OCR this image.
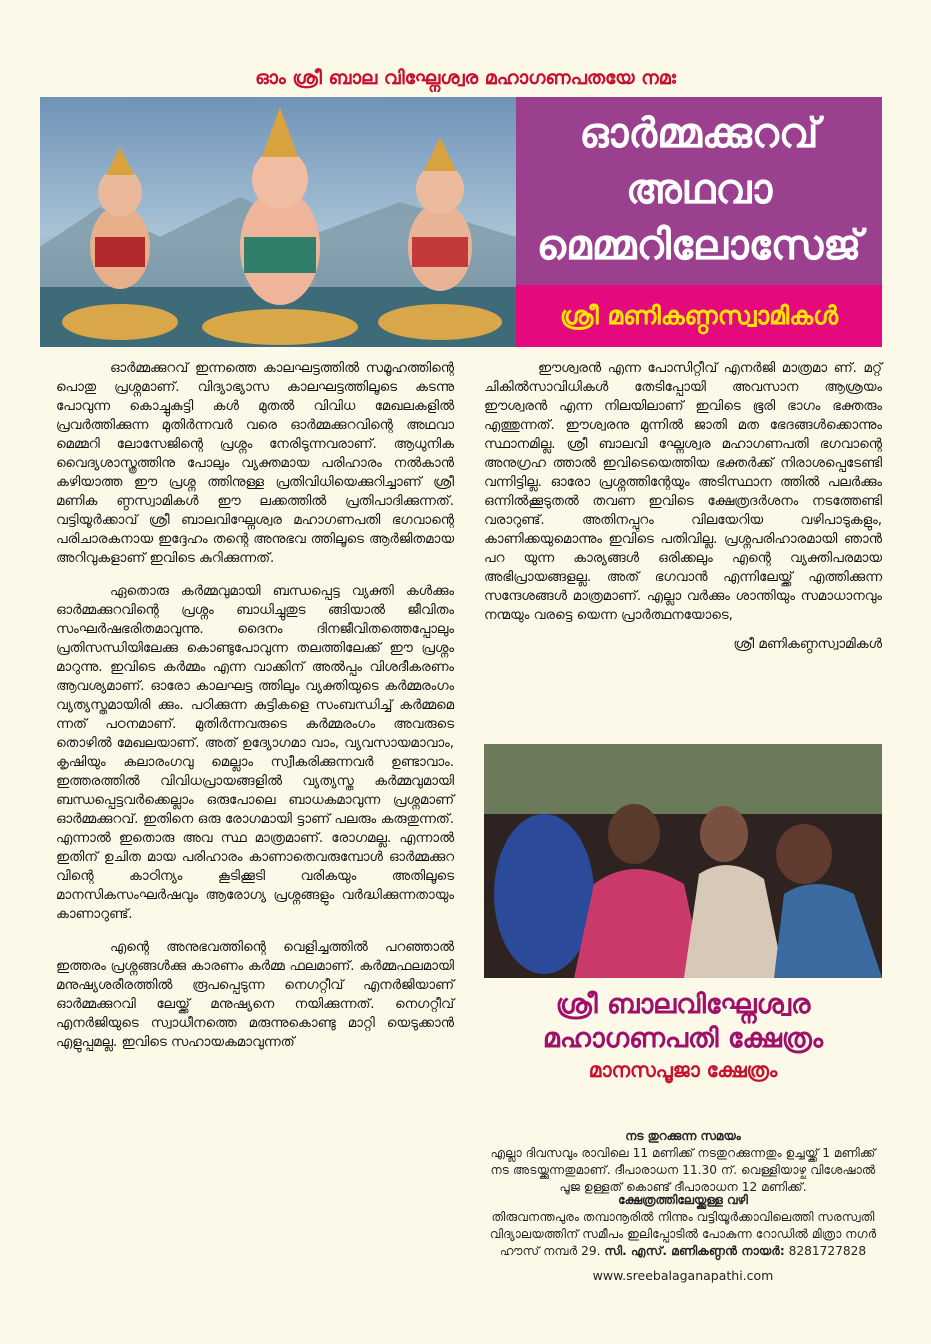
ഓം ശ്രീ ബാല വിഘ്നേശ്വര മഹാഗണപതയേ നമഃ
ഓർമ്മക്കുറവ്
അഥവാ
മെമ്മറിലോസേജ്
ശ്രീ മണികണ്ഠസ്വാമികൾ

ഓർമ്മക്കുറവ് ഇന്നത്തെ കാലഘട്ടത്തിൽ സമൂഹത്തിന്റെ പൊതു പ്രശ്നമാണ്. വിദ്യാഭ്യാസ കാലഘട്ടത്തിലൂടെ കടന്നു പോവുന്ന കൊച്ചുകുട്ടി കൾ മുതൽ വിവിധ മേഖലകളിൽ പ്രവർത്തിക്കുന്ന മുതിർന്നവർ വരെ ഓർമ്മക്കുറവിന്റെ അഥവാ മെമ്മറി ലോസേജിന്റെ പ്രശ്നം നേരിടുന്നവരാണ്. ആധുനിക വൈദ്യശാസ്ത്രത്തിനു പോലും വ്യക്തമായ പരിഹാരം നൽകാൻ കഴിയാത്ത ഈ പ്രശ്ന ത്തിനുള്ള പ്രതിവിധിയെക്കുറിച്ചാണ് ശ്രീ മണിക ണ്ഠസ്വാമികൾ ഈ ലക്കത്തിൽ പ്രതിപാദിക്കുന്നത്. വട്ടിയൂർക്കാവ് ശ്രീ ബാലവിഘ്നേശ്വര മഹാഗണപതി ഭഗവാന്റെ പരിചാരകനായ ഇദ്ദേഹം തന്റെ അനുഭവ ത്തിലൂടെ ആർജിതമായ അറിവുകളാണ് ഇവിടെ കുറിക്കുന്നത്.

ഏതൊരു കർമ്മവുമായി ബന്ധപ്പെട്ട വ്യക്തി കൾക്കും ഓർമ്മക്കുറവിന്റെ പ്രശ്നം ബാധിച്ചുതുട ങ്ങിയാൽ ജീവിതം സംഘർഷഭരിതമാവുന്നു. ദൈനം ദിനജീവിതത്തെപ്പോലും പ്രതിസന്ധിയിലേക്കു കൊണ്ടുപോവുന്ന തലത്തിലേക്ക് ഈ പ്രശ്നം മാറുന്നു. ഇവിടെ കർമ്മം എന്ന വാക്കിന് അൽപ്പം വിശദീകരണം ആവശ്യമാണ്. ഓരോ കാലഘട്ട ത്തിലും വ്യക്തിയുടെ കർമ്മരംഗം വ്യത്യസ്തമായിരി ക്കും. പഠിക്കുന്ന കുട്ടികളെ സംബന്ധിച്ച് കർമ്മമെ ന്നത് പഠനമാണ്. മുതിർന്നവരുടെ കർമ്മരംഗം അവരുടെ തൊഴിൽ മേഖലയാണ്. അത് ഉദ്യോഗമാ വാം, വ്യവസായമാവാം, കൃഷിയും കലാരംഗവു മെല്ലാം സ്വീകരിക്കുന്നവർ ഉണ്ടാവാം. ഇത്തരത്തിൽ വിവിധപ്രായങ്ങളിൽ വ്യത്യസ്ത കർമ്മവുമായി ബന്ധപ്പെട്ടവർക്കെല്ലാം ഒരുപോലെ ബാധകമാവുന്ന പ്രശ്നമാണ് ഓർമ്മക്കുറവ്. ഇതിനെ ഒരു രോഗമായി ട്ടാണ് പലരും കരുതുന്നത്. എന്നാൽ ഇതൊരു അവ സ്ഥ മാത്രമാണ്. രോഗമല്ല. എന്നാൽ ഇതിന് ഉചിത മായ പരിഹാരം കാണാതെവരുമ്പോൾ ഓർമ്മക്കുറ വിന്റെ കാഠിന്യം കൂടിക്കൂടി വരികയും അതിലൂടെ മാനസികസംഘർഷവും ആരോഗ്യ പ്രശ്നങ്ങളും വർദ്ധിക്കുന്നതായും കാണാറുണ്ട്.

എന്റെ അനുഭവത്തിന്റെ വെളിച്ചത്തിൽ പറഞ്ഞാൽ ഇത്തരം പ്രശ്നങ്ങൾക്കു കാരണം കർമ്മ ഫലമാണ്. കർമ്മഫലമായി മനുഷ്യശരീരത്തിൽ രൂപപ്പെടുന്ന നെഗറ്റീവ് എനർജിയാണ് ഓർമ്മക്കുറവി ലേയ്ക്ക് മനുഷ്യനെ നയിക്കുന്നത്. നെഗറ്റീവ് എനർജിയുടെ സ്വാധീനത്തെ മരുന്നുകൊണ്ടു മാറ്റി യെടുക്കാൻ എളുപ്പമല്ല. ഇവിടെ സഹായകമാവുന്നത്

ഈശ്വരൻ എന്ന പോസിറ്റീവ് എനർജി മാത്രമാ ണ്. മറ്റ് ചികിൽസാവിധികൾ തേടിപ്പോയി അവസാന ആശ്രയം ഈശ്വരൻ എന്ന നിലയിലാണ് ഇവിടെ ഭൂരി ഭാഗം ഭക്തരും എത്തുന്നത്. ഈശ്വരനു മുന്നിൽ ജാതി മത ഭേദങ്ങൾക്കൊന്നും സ്ഥാനമില്ല. ശ്രീ ബാലവി ഘ്നേശ്വര മഹാഗണപതി ഭഗവാന്റെ അനുഗ്രഹ ത്താൽ ഇവിടെയെത്തിയ ഭക്തർക്ക് നിരാശപ്പെടേണ്ടി വന്നിട്ടില്ല. ഓരോ പ്രശ്നത്തിന്റേയും അടിസ്ഥാന ത്തിൽ പലർക്കും ഒന്നിൽക്കൂടുതൽ തവണ ഇവിടെ ക്ഷേത്രദർശനം നടത്തേണ്ടി വരാറുണ്ട്. അതിനപ്പുറം വിലയേറിയ വഴിപാടുകളും, കാണിക്കയുമൊന്നും ഇവിടെ പതിവില്ല. പ്രശ്നപരിഹാരമായി ഞാൻ പറ യുന്ന കാര്യങ്ങൾ ഒരിക്കലും എന്റെ വ്യക്തിപരമായ അഭിപ്രായങ്ങളല്ല. അത് ഭഗവാൻ എന്നിലേയ്ക്ക് എത്തിക്കുന്ന സന്ദേശങ്ങൾ മാത്രമാണ്. എല്ലാ വർക്കും ശാന്തിയും സമാധാനവും നന്മയും വരട്ടെ യെന്ന പ്രാർത്ഥനയോടെ,

ശ്രീ മണികണ്ഠസ്വാമികൾ
ശ്രീ ബാലവിഘ്നേശ്വര
മഹാഗണപതി ക്ഷേത്രം
മാനസപൂജാ ക്ഷേത്രം
നട തുറക്കുന്ന സമയം
എല്ലാ ദിവസവും രാവിലെ 11 മണിക്ക് നടതുറക്കുന്നതും ഉച്ചയ്ക്ക് 1 മണിക്ക് നട അടയ്ക്കുന്നതുമാണ്. ദീപാരാധന 11.30 ന്. വെള്ളിയാഴ്ച വിശേഷാൽ പൂജ ഉള്ളത് കൊണ്ട് ദീപാരാധന 12 മണിക്ക്.
ക്ഷേത്രത്തിലേയ്ക്കുള്ള വഴി
തിരുവനന്തപുരം തമ്പാനൂരിൽ നിന്നും വട്ടിയൂർക്കാവിലെത്തി സരസ്വതി വിദ്യാലയത്തിന് സമീപം ഇലിപ്പോടിൽ പോകുന്ന റോഡിൽ മിത്രാ നഗർ
ഹൗസ് നമ്പർ 29. സി. എസ്. മണികണ്ഠൻ നായർ: 8281727828
www.sreebalaganapathi.com
